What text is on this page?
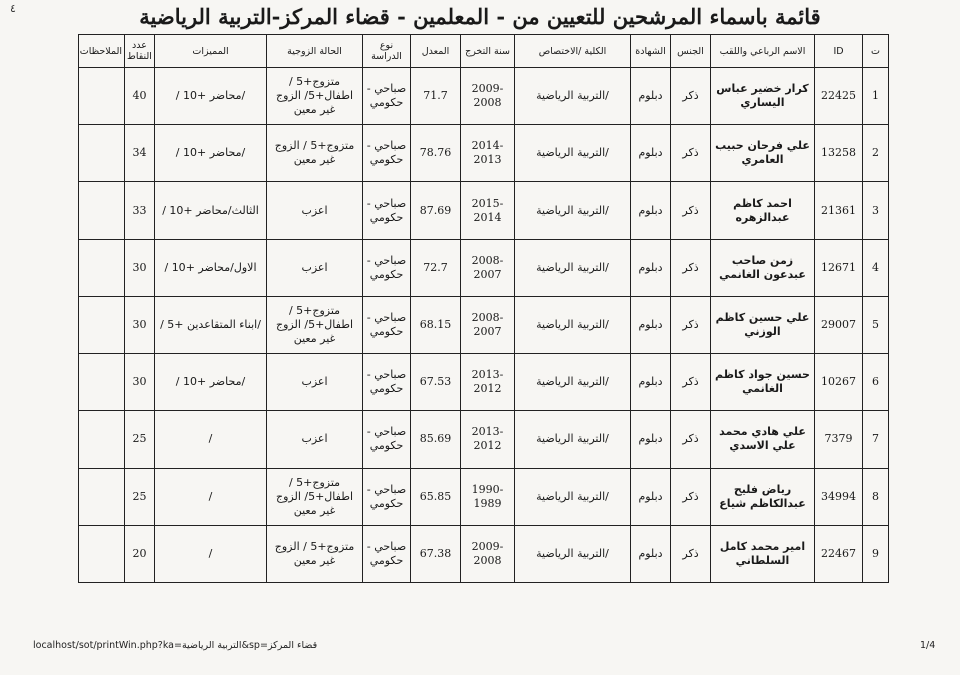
٤	قائمة باسماء المرشحين للتعيين من - المعلمين - قضاء المركز-التربية الرياضية
ت	ID	الاسم الرباعي واللقب	الجنس	الشهادة	الكلية /الاختصاص	سنة التخرج	المعدل	نوع الدراسة	الحالة الزوجية	المميزات	عدد النقاط	الملاحظات
1	22425	كرار خضير عباس اليساري	ذكر	دبلوم	/التربية الرياضية	2009-2008	71.7	صباحي - حكومي	متزوج+5 / اطفال+5/ الزوج غير معين	/محاضر +10 /	40	
2	13258	علي فرحان حبيب العامري	ذكر	دبلوم	/التربية الرياضية	2014-2013	78.76	صباحي - حكومي	متزوج+5 / الزوج غير معين	/محاضر +10 /	34	
3	21361	احمد كاظم عبدالزهره	ذكر	دبلوم	/التربية الرياضية	2015-2014	87.69	صباحي - حكومي	اعزب	الثالث/محاضر +10 /	33	
4	12671	زمن صاحب عبدعون الغانمي	ذكر	دبلوم	/التربية الرياضية	2008-2007	72.7	صباحي - حكومي	اعزب	الاول/محاضر +10 /	30	
5	29007	علي حسين كاظم الوزني	ذكر	دبلوم	/التربية الرياضية	2008-2007	68.15	صباحي - حكومي	متزوج+5 / اطفال+5/ الزوج غير معين	/ابناء المتقاعدين +5 /	30	
6	10267	حسين جواد كاظم الغانمي	ذكر	دبلوم	/التربية الرياضية	2013-2012	67.53	صباحي - حكومي	اعزب	/محاضر +10 /	30	
7	7379	علي هادي محمد علي الاسدي	ذكر	دبلوم	/التربية الرياضية	2013-2012	85.69	صباحي - حكومي	اعزب	/	25	
8	34994	رياض فليح عبدالكاظم شياع	ذكر	دبلوم	/التربية الرياضية	1990-1989	65.85	صباحي - حكومي	متزوج+5 / اطفال+5/ الزوج غير معين	/	25	
9	22467	امير محمد كامل السلطاني	ذكر	دبلوم	/التربية الرياضية	2009-2008	67.38	صباحي - حكومي	متزوج+5 / الزوج غير معين	/	20	
localhost/sot/printWin.php?ka=التربية الرياضية&sp=قضاء المركز	1/4
